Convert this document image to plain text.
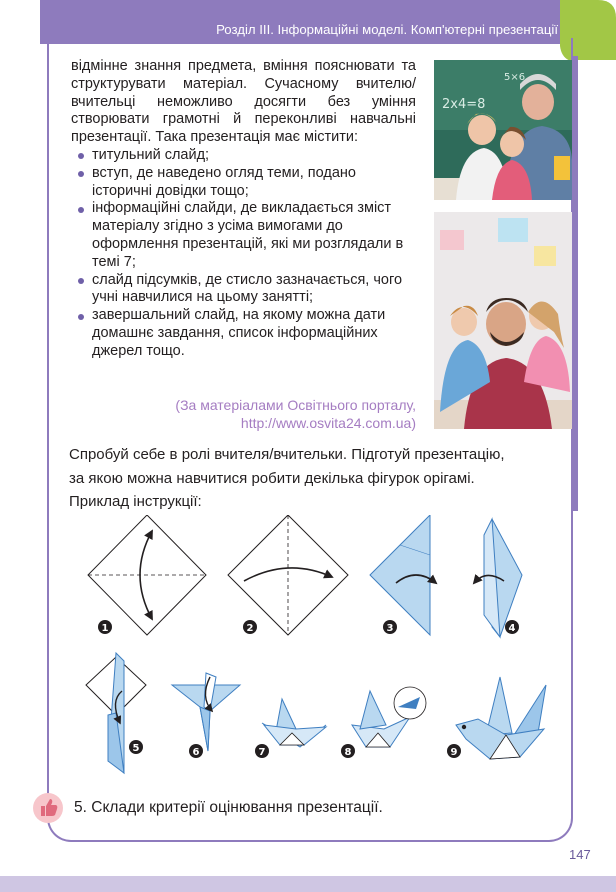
Розділ ІІІ. Інформаційні моделі. Комп'ютерні презентації

відмінне знання предмета, вміння пояснювати та структурувати матеріал. Сучасному вчителю/вчительці неможливо досягти без уміння створювати грамотні й переконливі навчальні презентації. Така презентація має містити:

титульний слайд;
вступ, де наведено огляд теми, подано історичні довідки тощо;
інформаційні слайди, де викладається зміст матеріалу згідно з усіма вимогами до оформлення презентацій, які ми розглядали в темі 7;
слайд підсумків, де стисло зазначається, чого учні навчилися на цьому занятті;
завершальний слайд, на якому можна дати домашнє завдання, список інформаційних джерел тощо.
(За матеріалами Освітнього порталу,
http://www.osvita24.com.ua)
2x4=8
5×6

Спробуй себе в ролі вчителя/вчительки. Підготуй презентацію,

за якою можна навчитися робити декілька фігурок орігамі.

Приклад інструкції:

1	2	3	4
5	6	7	8	9
5. Склади критерії оцінювання презентації.
147
